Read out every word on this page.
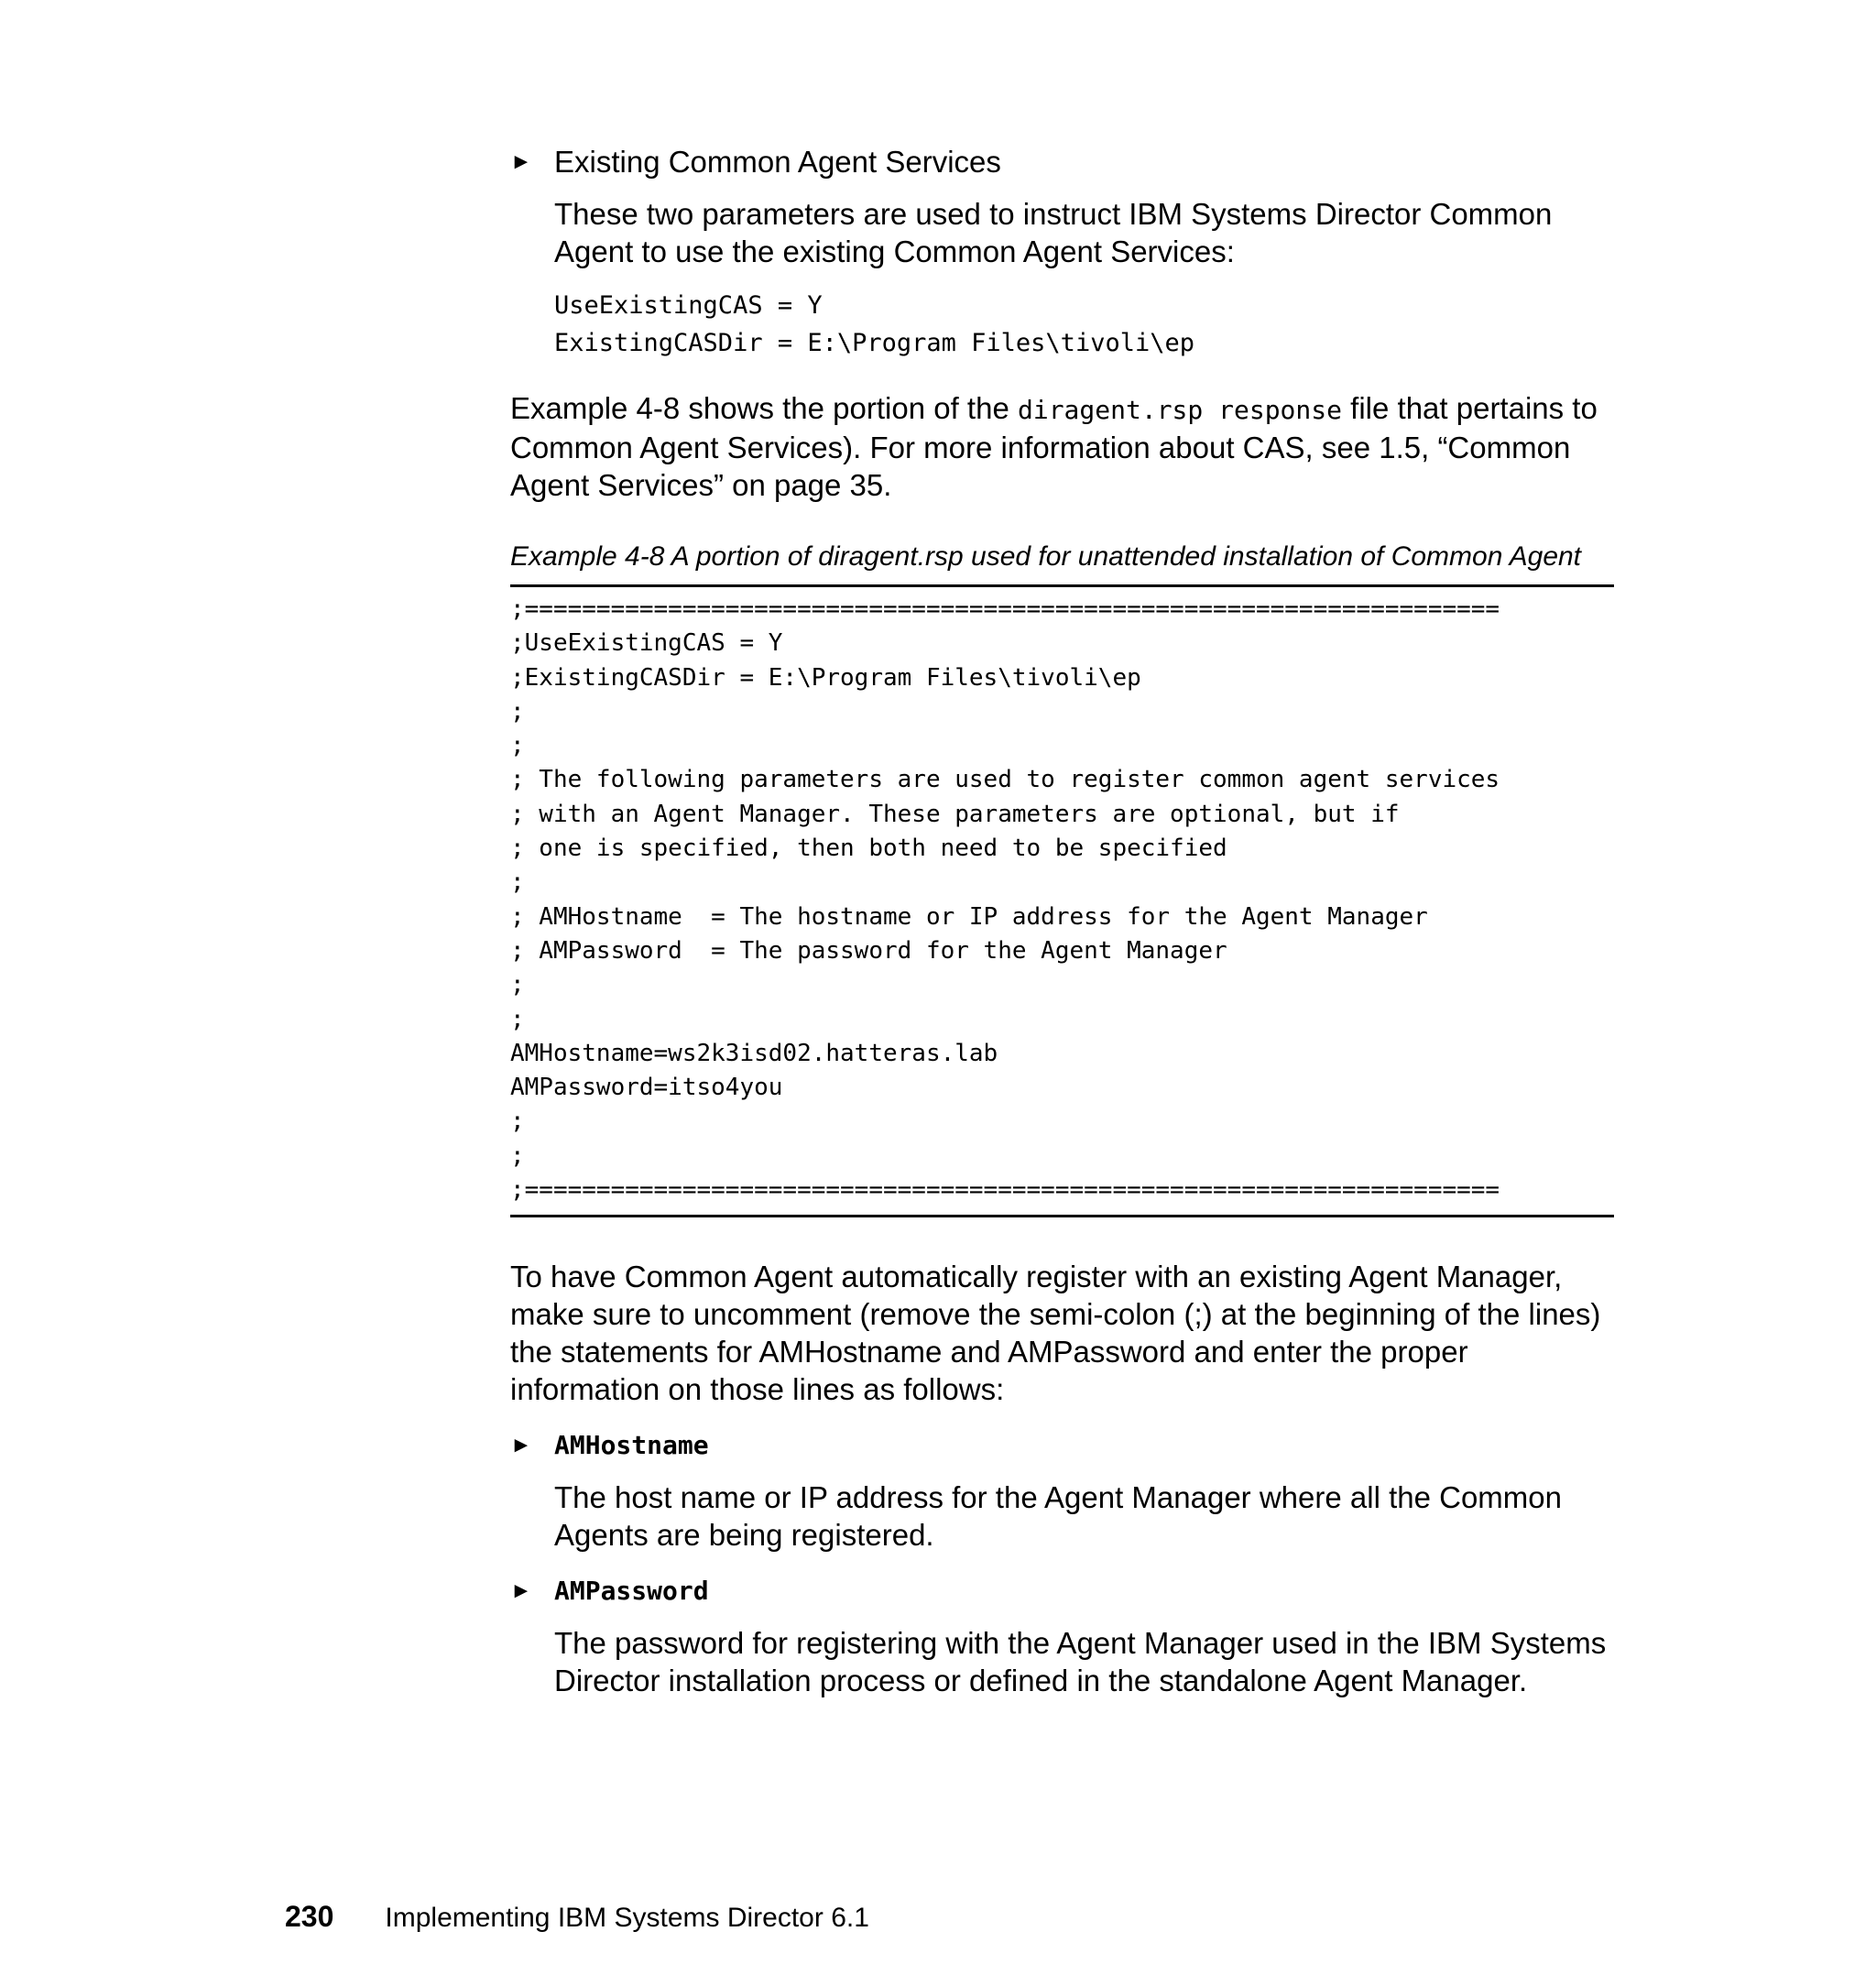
► Existing Common Agent Services

These two parameters are used to instruct IBM Systems Director Common Agent to use the existing Common Agent Services:

UseExistingCAS = Y
ExistingCASDir = E:\Program Files\tivoli\ep

Example 4-8 shows the portion of the diragent.rsp response file that pertains to Common Agent Services). For more information about CAS, see 1.5, “Common Agent Services” on page 35.

Example 4-8 A portion of diragent.rsp used for unattended installation of Common Agent

;====================================================================
;UseExistingCAS = Y
;ExistingCASDir = E:\Program Files\tivoli\ep
;
;
; The following parameters are used to register common agent services
; with an Agent Manager. These parameters are optional, but if
; one is specified, then both need to be specified
;
; AMHostname  = The hostname or IP address for the Agent Manager
; AMPassword  = The password for the Agent Manager
;
;
AMHostname=ws2k3isd02.hatteras.lab
AMPassword=itso4you
;
;
;====================================================================

To have Common Agent automatically register with an existing Agent Manager, make sure to uncomment (remove the semi-colon (;) at the beginning of the lines) the statements for AMHostname and AMPassword and enter the proper information on those lines as follows:

► AMHostname

The host name or IP address for the Agent Manager where all the Common Agents are being registered.

► AMPassword

The password for registering with the Agent Manager used in the IBM Systems Director installation process or defined in the standalone Agent Manager.

230 Implementing IBM Systems Director 6.1
